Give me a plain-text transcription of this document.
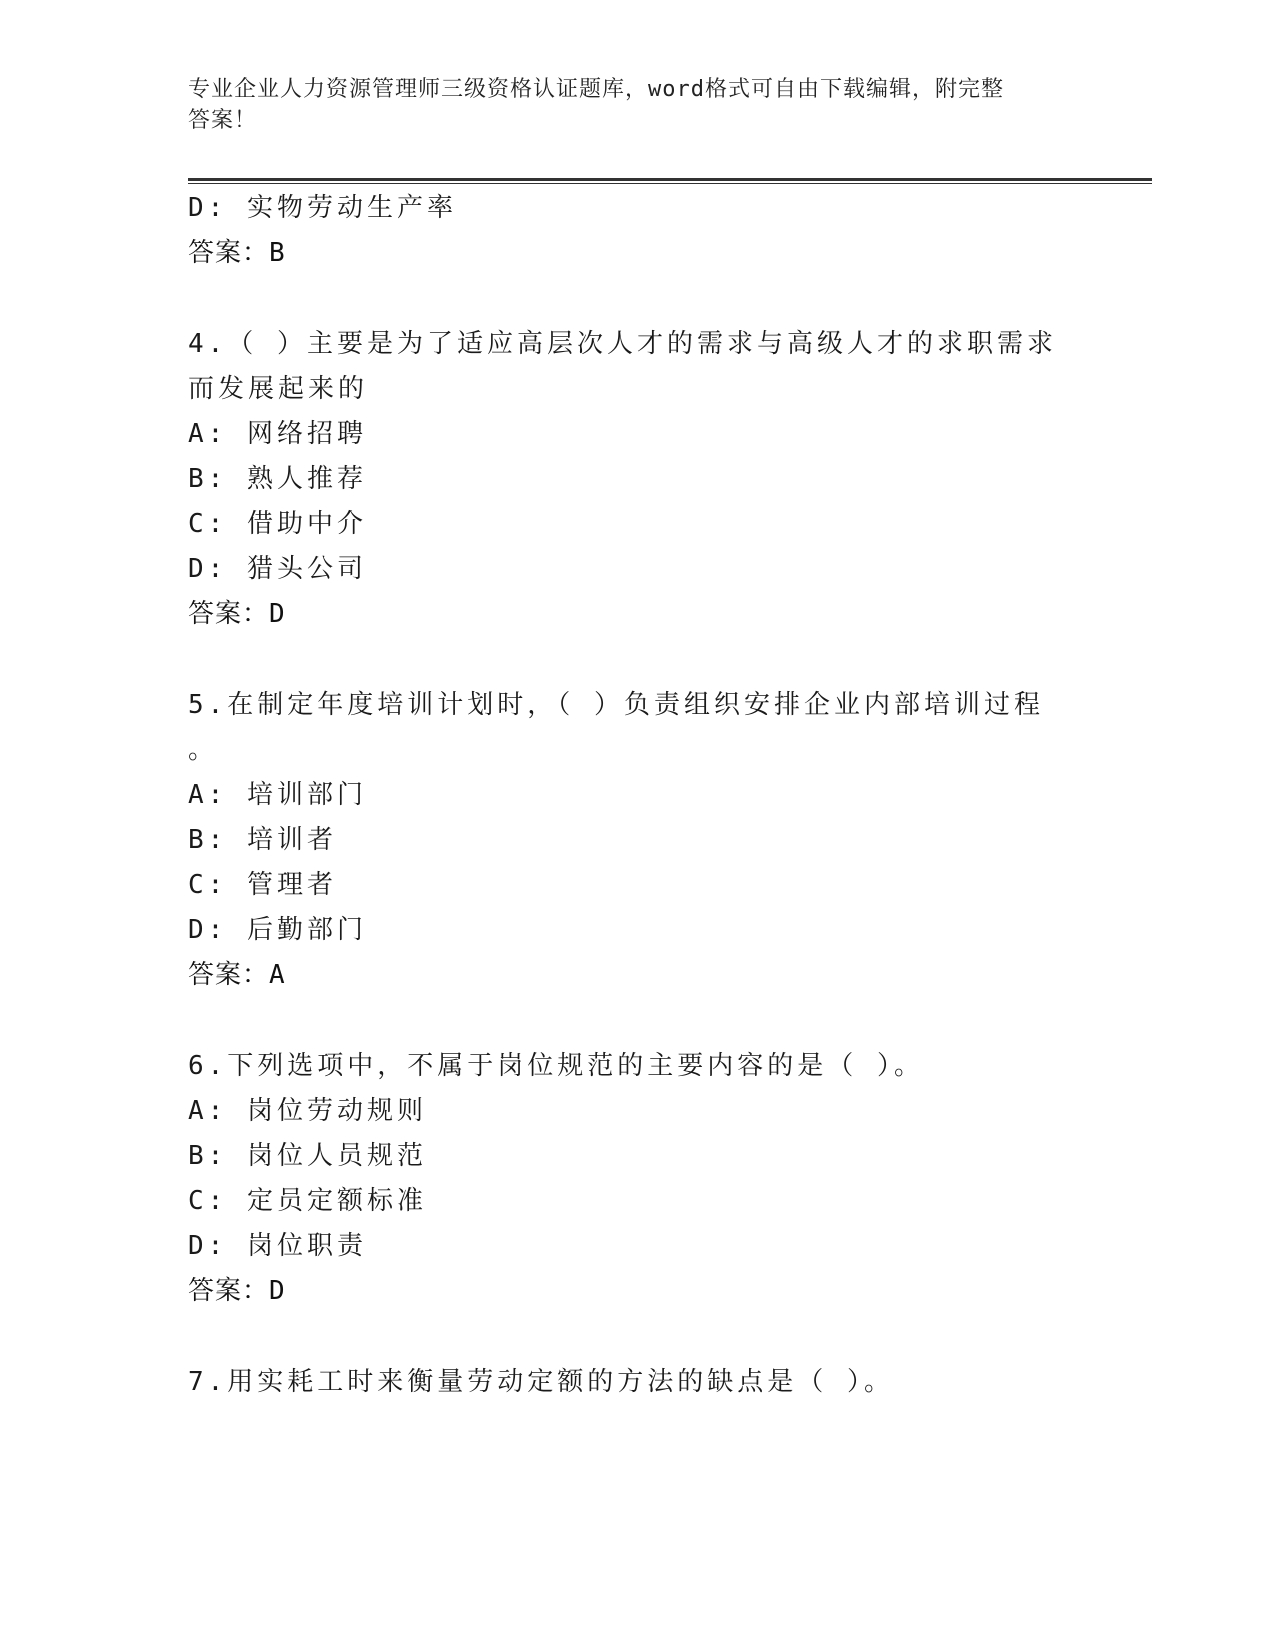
专业企业人力资源管理师三级资格认证题库，word格式可自由下载编辑，附完整
答案！
D: 实物劳动生产率
答案：B
4.（ ）主要是为了适应高层次人才的需求与高级人才的求职需求
而发展起来的
A: 网络招聘
B: 熟人推荐
C: 借助中介
D: 猎头公司
答案：D
5.在制定年度培训计划时，（ ）负责组织安排企业内部培训过程
。
A: 培训部门
B: 培训者
C: 管理者
D: 后勤部门
答案：A
6.下列选项中，不属于岗位规范的主要内容的是（ ）。
A: 岗位劳动规则
B: 岗位人员规范
C: 定员定额标准
D: 岗位职责
答案：D
7.用实耗工时来衡量劳动定额的方法的缺点是（ ）。
